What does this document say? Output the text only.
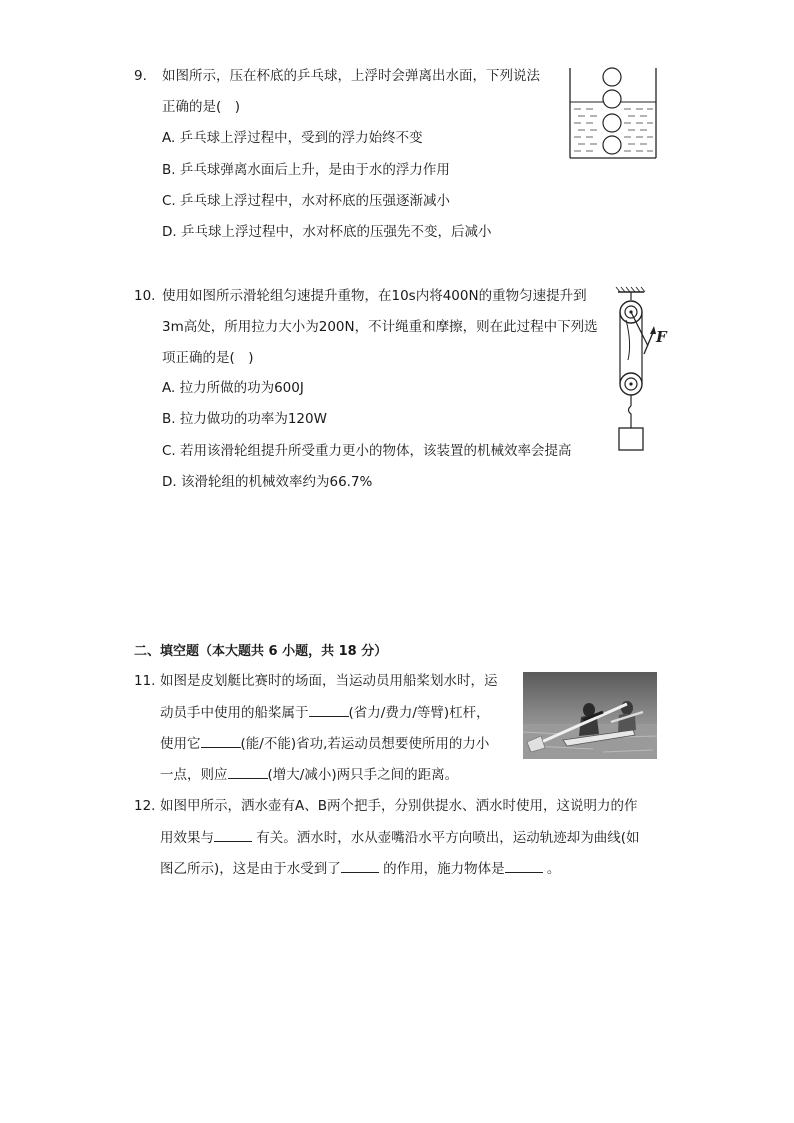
9. 如图所示，压在杯底的乒乓球，上浮时会弹离出水面，下列说法
正确的是(　)
A. 乒乓球上浮过程中，受到的浮力始终不变
B. 乒乓球弹离水面后上升，是由于水的浮力作用
C. 乒乓球上浮过程中，水对杯底的压强逐渐减小
D. 乒乓球上浮过程中，水对杯底的压强先不变，后减小
10. 使用如图所示滑轮组匀速提升重物，在10s内将400N的重物匀速提升到
3m高处，所用拉力大小为200N，不计绳重和摩擦，则在此过程中下列选
项正确的是(　)
A. 拉力所做的功为600J
B. 拉力做功的功率为120W
C. 若用该滑轮组提升所受重力更小的物体，该装置的机械效率会提高
D. 该滑轮组的机械效率约为66.7%
F
二、填空题（本大题共 6 小题，共 18 分）
11. 如图是皮划艇比赛时的场面，当运动员用船桨划水时，运
动员手中使用的船桨属于	(省力/费力/等臂)杠杆，
使用它	(能/不能)省功,若运动员想要使所用的力小
一点，则应	(增大/减小)两只手之间的距离。
12. 如图甲所示，洒水壶有A、B两个把手，分别供提水、洒水时使用，这说明力的作
用效果与	有关。洒水时，水从壶嘴沿水平方向喷出，运动轨迹却为曲线(如
图乙所示)，这是由于水受到了	的作用，施力物体是	。
